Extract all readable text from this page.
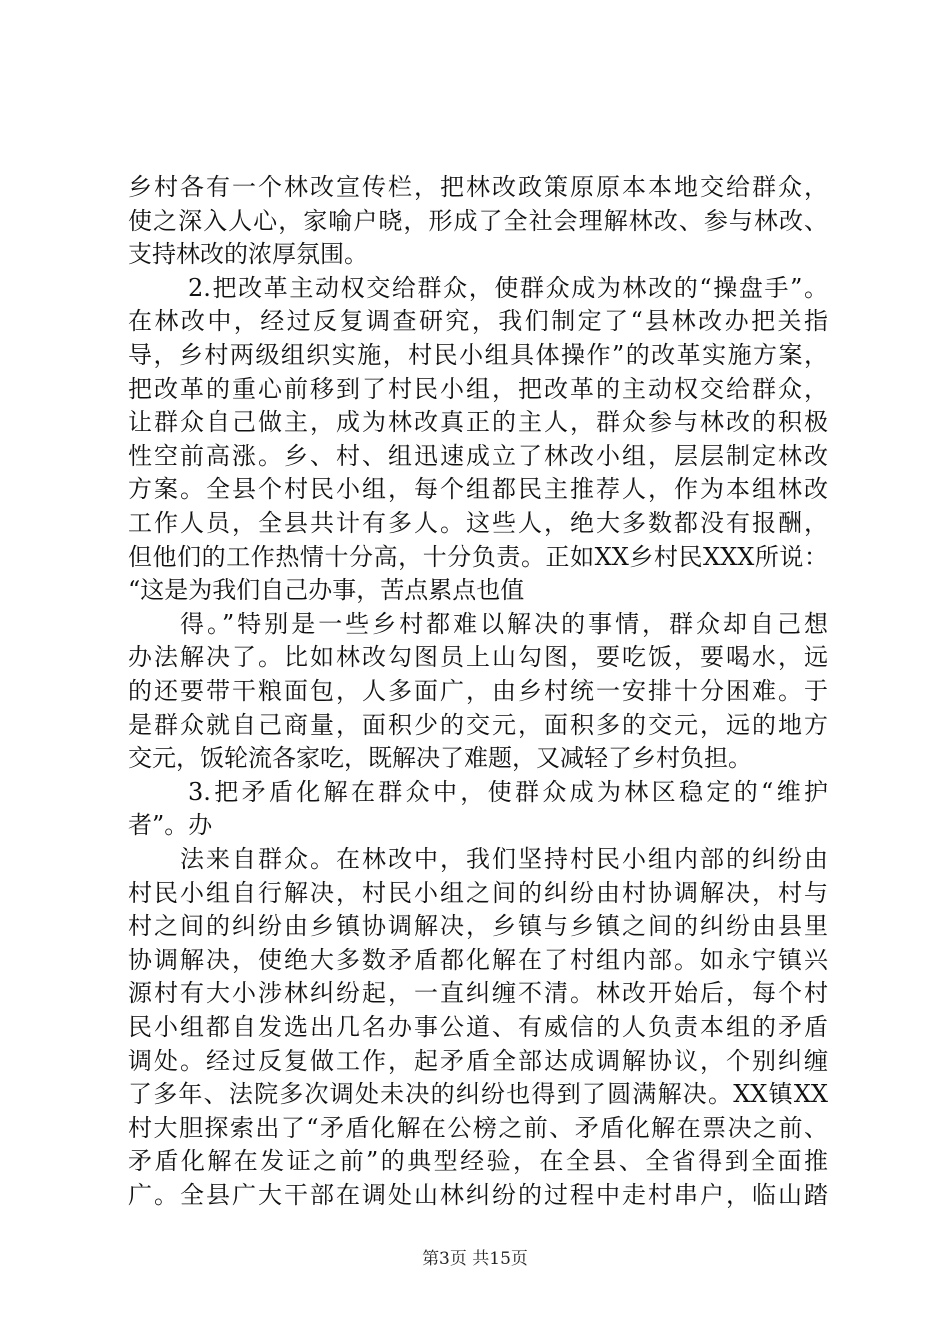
乡村各有一个林改宣传栏，把林改政策原原本本地交给群众，
使之深入人心，家喻户晓，形成了全社会理解林改、参与林改、
支持林改的浓厚氛围。
2.把改革主动权交给群众，使群众成为林改的“操盘手”。
在林改中，经过反复调查研究，我们制定了“县林改办把关指
导，乡村两级组织实施，村民小组具体操作”的改革实施方案，
把改革的重心前移到了村民小组，把改革的主动权交给群众，
让群众自己做主，成为林改真正的主人，群众参与林改的积极
性空前高涨。乡、村、组迅速成立了林改小组，层层制定林改
方案。全县个村民小组，每个组都民主推荐人，作为本组林改
工作人员，全县共计有多人。这些人，绝大多数都没有报酬，
但他们的工作热情十分高，十分负责。正如XX乡村民XXX所说：
“这是为我们自己办事，苦点累点也值
得。”特别是一些乡村都难以解决的事情，群众却自己想
办法解决了。比如林改勾图员上山勾图，要吃饭，要喝水，远
的还要带干粮面包，人多面广，由乡村统一安排十分困难。于
是群众就自己商量，面积少的交元，面积多的交元，远的地方
交元，饭轮流各家吃，既解决了难题，又减轻了乡村负担。
3.把矛盾化解在群众中，使群众成为林区稳定的“维护
者”。办
法来自群众。在林改中，我们坚持村民小组内部的纠纷由
村民小组自行解决，村民小组之间的纠纷由村协调解决，村与
村之间的纠纷由乡镇协调解决，乡镇与乡镇之间的纠纷由县里
协调解决，使绝大多数矛盾都化解在了村组内部。如永宁镇兴
源村有大小涉林纠纷起，一直纠缠不清。林改开始后，每个村
民小组都自发选出几名办事公道、有威信的人负责本组的矛盾
调处。经过反复做工作，起矛盾全部达成调解协议，个别纠缠
了多年、法院多次调处未决的纠纷也得到了圆满解决。XX镇XX
村大胆探索出了“矛盾化解在公榜之前、矛盾化解在票决之前、
矛盾化解在发证之前”的典型经验，在全县、全省得到全面推
广。全县广大干部在调处山林纠纷的过程中走村串户，临山踏
第3页 共15页
